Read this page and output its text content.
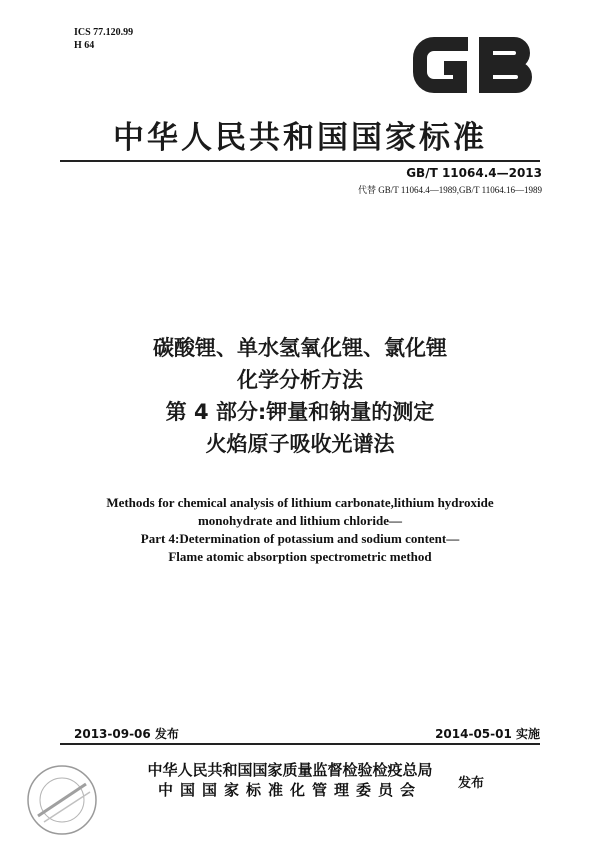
ICS 77.120.99
H 64
中华人民共和国国家标准
GB/T 11064.4—2013
代替 GB/T 11064.4—1989,GB/T 11064.16—1989
碳酸锂、单水氢氧化锂、氯化锂
化学分析方法
第 4 部分:钾量和钠量的测定
火焰原子吸收光谱法
Methods for chemical analysis of lithium carbonate,lithium hydroxide
monohydrate and lithium chloride—
Part 4:Determination of potassium and sodium content—
Flame atomic absorption spectrometric method
2013-09-06 发布	2014-05-01 实施
中华人民共和国国家质量监督检验检疫总局
中国国家标准化管理委员会	发布
